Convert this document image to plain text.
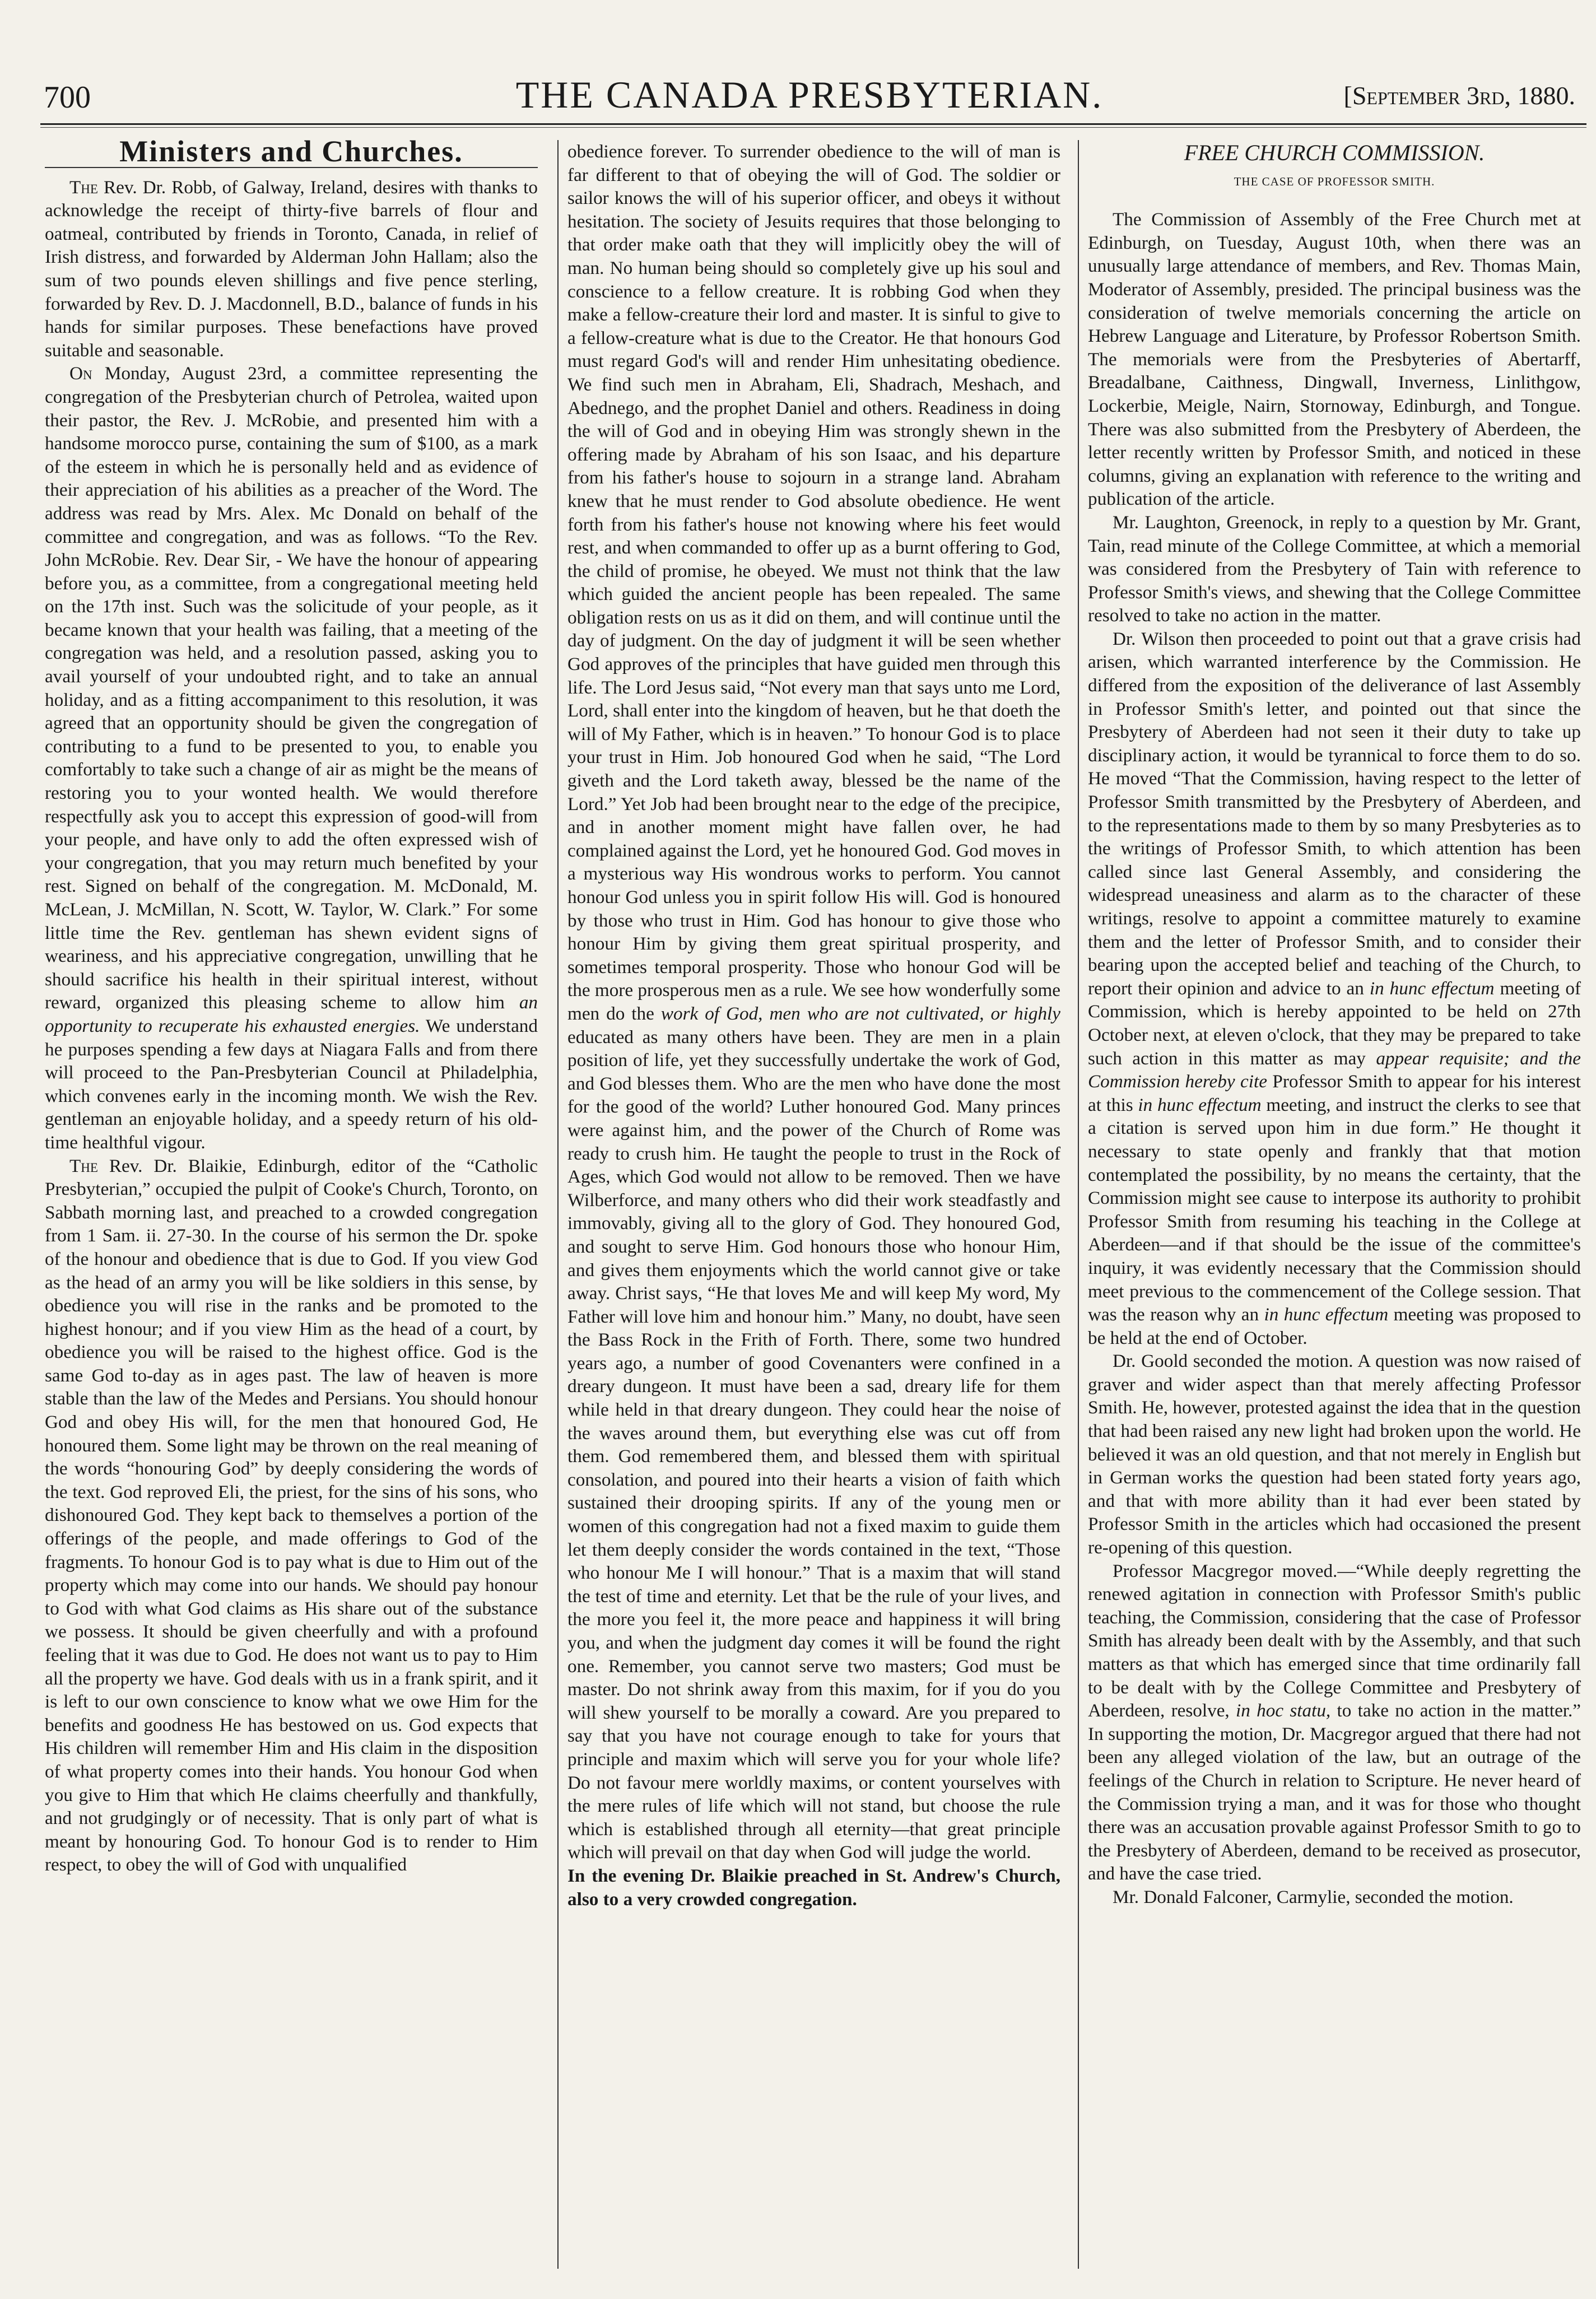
700	THE CANADA PRESBYTERIAN.	[September 3rd, 1880.
Ministers and Churches.

The Rev. Dr. Robb, of Galway, Ireland, desires with thanks to acknowledge the receipt of thirty-five barrels of flour and oatmeal, contributed by friends in Toronto, Canada, in relief of Irish distress, and forwarded by Alderman John Hallam; also the sum of two pounds eleven shillings and five pence sterling, forwarded by Rev. D. J. Macdonnell, B.D., balance of funds in his hands for similar purposes. These benefactions have proved suitable and seasonable.

On Monday, August 23rd, a committee representing the congregation of the Presbyterian church of Petrolea, waited upon their pastor, the Rev. J. McRobie, and presented him with a handsome morocco purse, containing the sum of $100, as a mark of the esteem in which he is personally held and as evidence of their appreciation of his abilities as a preacher of the Word. The address was read by Mrs. Alex. Mc Donald on behalf of the committee and congregation, and was as follows. “To the Rev. John McRobie. Rev. Dear Sir, - We have the honour of appearing before you, as a committee, from a congregational meeting held on the 17th inst. Such was the solicitude of your people, as it became known that your health was failing, that a meeting of the congregation was held, and a resolution passed, asking you to avail yourself of your undoubted right, and to take an annual holiday, and as a fitting accompaniment to this resolution, it was agreed that an opportunity should be given the congregation of contributing to a fund to be presented to you, to enable you comfortably to take such a change of air as might be the means of restoring you to your wonted health. We would therefore respectfully ask you to accept this expression of good-will from your people, and have only to add the often expressed wish of your congregation, that you may return much benefited by your rest. Signed on behalf of the congregation. M. McDonald, M. McLean, J. McMillan, N. Scott, W. Taylor, W. Clark.” For some little time the Rev. gentleman has shewn evident signs of weariness, and his appreciative congregation, unwilling that he should sacrifice his health in their spiritual interest, without reward, organized this pleasing scheme to allow him an opportunity to recuperate his exhausted energies. We understand he purposes spending a few days at Niagara Falls and from there will proceed to the Pan-Presbyterian Council at Philadelphia, which convenes early in the incoming month. We wish the Rev. gentleman an enjoyable holiday, and a speedy return of his old-time healthful vigour.

The Rev. Dr. Blaikie, Edinburgh, editor of the “Catholic Presbyterian,” occupied the pulpit of Cooke's Church, Toronto, on Sabbath morning last, and preached to a crowded congregation from 1 Sam. ii. 27-30. In the course of his sermon the Dr. spoke of the honour and obedience that is due to God. If you view God as the head of an army you will be like soldiers in this sense, by obedience you will rise in the ranks and be promoted to the highest honour; and if you view Him as the head of a court, by obedience you will be raised to the highest office. God is the same God to-day as in ages past. The law of heaven is more stable than the law of the Medes and Persians. You should honour God and obey His will, for the men that honoured God, He honoured them. Some light may be thrown on the real meaning of the words “honouring God” by deeply considering the words of the text. God reproved Eli, the priest, for the sins of his sons, who dishonoured God. They kept back to themselves a portion of the offerings of the people, and made offerings to God of the fragments. To honour God is to pay what is due to Him out of the property which may come into our hands. We should pay honour to God with what God claims as His share out of the substance we possess. It should be given cheerfully and with a profound feeling that it was due to God. He does not want us to pay to Him all the property we have. God deals with us in a frank spirit, and it is left to our own conscience to know what we owe Him for the benefits and goodness He has bestowed on us. God expects that His children will remember Him and His claim in the disposition of what property comes into their hands. You honour God when you give to Him that which He claims cheerfully and thankfully, and not grudgingly or of necessity. That is only part of what is meant by honouring God. To honour God is to render to Him respect, to obey the will of God with unqualified

obedience forever. To surrender obedience to the will of man is far different to that of obeying the will of God. The soldier or sailor knows the will of his superior officer, and obeys it without hesitation. The society of Jesuits requires that those belonging to that order make oath that they will implicitly obey the will of man. No human being should so completely give up his soul and conscience to a fellow creature. It is robbing God when they make a fellow-creature their lord and master. It is sinful to give to a fellow-creature what is due to the Creator. He that honours God must regard God's will and render Him unhesitating obedience. We find such men in Abraham, Eli, Shadrach, Meshach, and Abednego, and the prophet Daniel and others. Readiness in doing the will of God and in obeying Him was strongly shewn in the offering made by Abraham of his son Isaac, and his departure from his father's house to sojourn in a strange land. Abraham knew that he must render to God absolute obedience. He went forth from his father's house not knowing where his feet would rest, and when commanded to offer up as a burnt offering to God, the child of promise, he obeyed. We must not think that the law which guided the ancient people has been repealed. The same obligation rests on us as it did on them, and will continue until the day of judgment. On the day of judgment it will be seen whether God approves of the principles that have guided men through this life. The Lord Jesus said, “Not every man that says unto me Lord, Lord, shall enter into the kingdom of heaven, but he that doeth the will of My Father, which is in heaven.” To honour God is to place your trust in Him. Job honoured God when he said, “The Lord giveth and the Lord taketh away, blessed be the name of the Lord.” Yet Job had been brought near to the edge of the precipice, and in another moment might have fallen over, he had complained against the Lord, yet he honoured God. God moves in a mysterious way His wondrous works to perform. You cannot honour God unless you in spirit follow His will. God is honoured by those who trust in Him. God has honour to give those who honour Him by giving them great spiritual prosperity, and sometimes temporal prosperity. Those who honour God will be the more prosperous men as a rule. We see how wonderfully some men do the work of God, men who are not cultivated, or highly educated as many others have been. They are men in a plain position of life, yet they successfully undertake the work of God, and God blesses them. Who are the men who have done the most for the good of the world? Luther honoured God. Many princes were against him, and the power of the Church of Rome was ready to crush him. He taught the people to trust in the Rock of Ages, which God would not allow to be removed. Then we have Wilberforce, and many others who did their work steadfastly and immovably, giving all to the glory of God. They honoured God, and sought to serve Him. God honours those who honour Him, and gives them enjoyments which the world cannot give or take away. Christ says, “He that loves Me and will keep My word, My Father will love him and honour him.” Many, no doubt, have seen the Bass Rock in the Frith of Forth. There, some two hundred years ago, a number of good Covenanters were confined in a dreary dungeon. It must have been a sad, dreary life for them while held in that dreary dungeon. They could hear the noise of the waves around them, but everything else was cut off from them. God remembered them, and blessed them with spiritual consolation, and poured into their hearts a vision of faith which sustained their drooping spirits. If any of the young men or women of this congregation had not a fixed maxim to guide them let them deeply consider the words contained in the text, “Those who honour Me I will honour.” That is a maxim that will stand the test of time and eternity. Let that be the rule of your lives, and the more you feel it, the more peace and happiness it will bring you, and when the judgment day comes it will be found the right one. Remember, you cannot serve two masters; God must be master. Do not shrink away from this maxim, for if you do you will shew yourself to be morally a coward. Are you prepared to say that you have not courage enough to take for yours that principle and maxim which will serve you for your whole life? Do not favour mere worldly maxims, or content yourselves with the mere rules of life which will not stand, but choose the rule which is established through all eternity—that great principle which will prevail on that day when God will judge the world.

In the evening Dr. Blaikie preached in St. Andrew's Church, also to a very crowded congregation.

FREE CHURCH COMMISSION.
THE CASE OF PROFESSOR SMITH.

The Commission of Assembly of the Free Church met at Edinburgh, on Tuesday, August 10th, when there was an unusually large attendance of members, and Rev. Thomas Main, Moderator of Assembly, presided. The principal business was the consideration of twelve memorials concerning the article on Hebrew Language and Literature, by Professor Robertson Smith. The memorials were from the Presbyteries of Abertarff, Breadalbane, Caithness, Dingwall, Inverness, Linlithgow, Lockerbie, Meigle, Nairn, Stornoway, Edinburgh, and Tongue. There was also submitted from the Presbytery of Aberdeen, the letter recently written by Professor Smith, and noticed in these columns, giving an explanation with reference to the writing and publication of the article.

Mr. Laughton, Greenock, in reply to a question by Mr. Grant, Tain, read minute of the College Committee, at which a memorial was considered from the Presbytery of Tain with reference to Professor Smith's views, and shewing that the College Committee resolved to take no action in the matter.

Dr. Wilson then proceeded to point out that a grave crisis had arisen, which warranted interference by the Commission. He differed from the exposition of the deliverance of last Assembly in Professor Smith's letter, and pointed out that since the Presbytery of Aberdeen had not seen it their duty to take up disciplinary action, it would be tyrannical to force them to do so. He moved “That the Commission, having respect to the letter of Professor Smith transmitted by the Presbytery of Aberdeen, and to the representations made to them by so many Presbyteries as to the writings of Professor Smith, to which attention has been called since last General Assembly, and considering the widespread uneasiness and alarm as to the character of these writings, resolve to appoint a committee maturely to examine them and the letter of Professor Smith, and to consider their bearing upon the accepted belief and teaching of the Church, to report their opinion and advice to an in hunc effectum meeting of Commission, which is hereby appointed to be held on 27th October next, at eleven o'clock, that they may be prepared to take such action in this matter as may appear requisite; and the Commission hereby cite Professor Smith to appear for his interest at this in hunc effectum meeting, and instruct the clerks to see that a citation is served upon him in due form.” He thought it necessary to state openly and frankly that that motion contemplated the possibility, by no means the certainty, that the Commission might see cause to interpose its authority to prohibit Professor Smith from resuming his teaching in the College at Aberdeen—and if that should be the issue of the committee's inquiry, it was evidently necessary that the Commission should meet previous to the commencement of the College session. That was the reason why an in hunc effectum meeting was proposed to be held at the end of October.

Dr. Goold seconded the motion. A question was now raised of graver and wider aspect than that merely affecting Professor Smith. He, however, protested against the idea that in the question that had been raised any new light had broken upon the world. He believed it was an old question, and that not merely in English but in German works the question had been stated forty years ago, and that with more ability than it had ever been stated by Professor Smith in the articles which had occasioned the present re-opening of this question.

Professor Macgregor moved.—“While deeply regretting the renewed agitation in connection with Professor Smith's public teaching, the Commission, considering that the case of Professor Smith has already been dealt with by the Assembly, and that such matters as that which has emerged since that time ordinarily fall to be dealt with by the College Committee and Presbytery of Aberdeen, resolve, in hoc statu, to take no action in the matter.” In supporting the motion, Dr. Macgregor argued that there had not been any alleged violation of the law, but an outrage of the feelings of the Church in relation to Scripture. He never heard of the Commission trying a man, and it was for those who thought there was an accusation provable against Professor Smith to go to the Presbytery of Aberdeen, demand to be received as prosecutor, and have the case tried.

Mr. Donald Falconer, Carmylie, seconded the motion.
